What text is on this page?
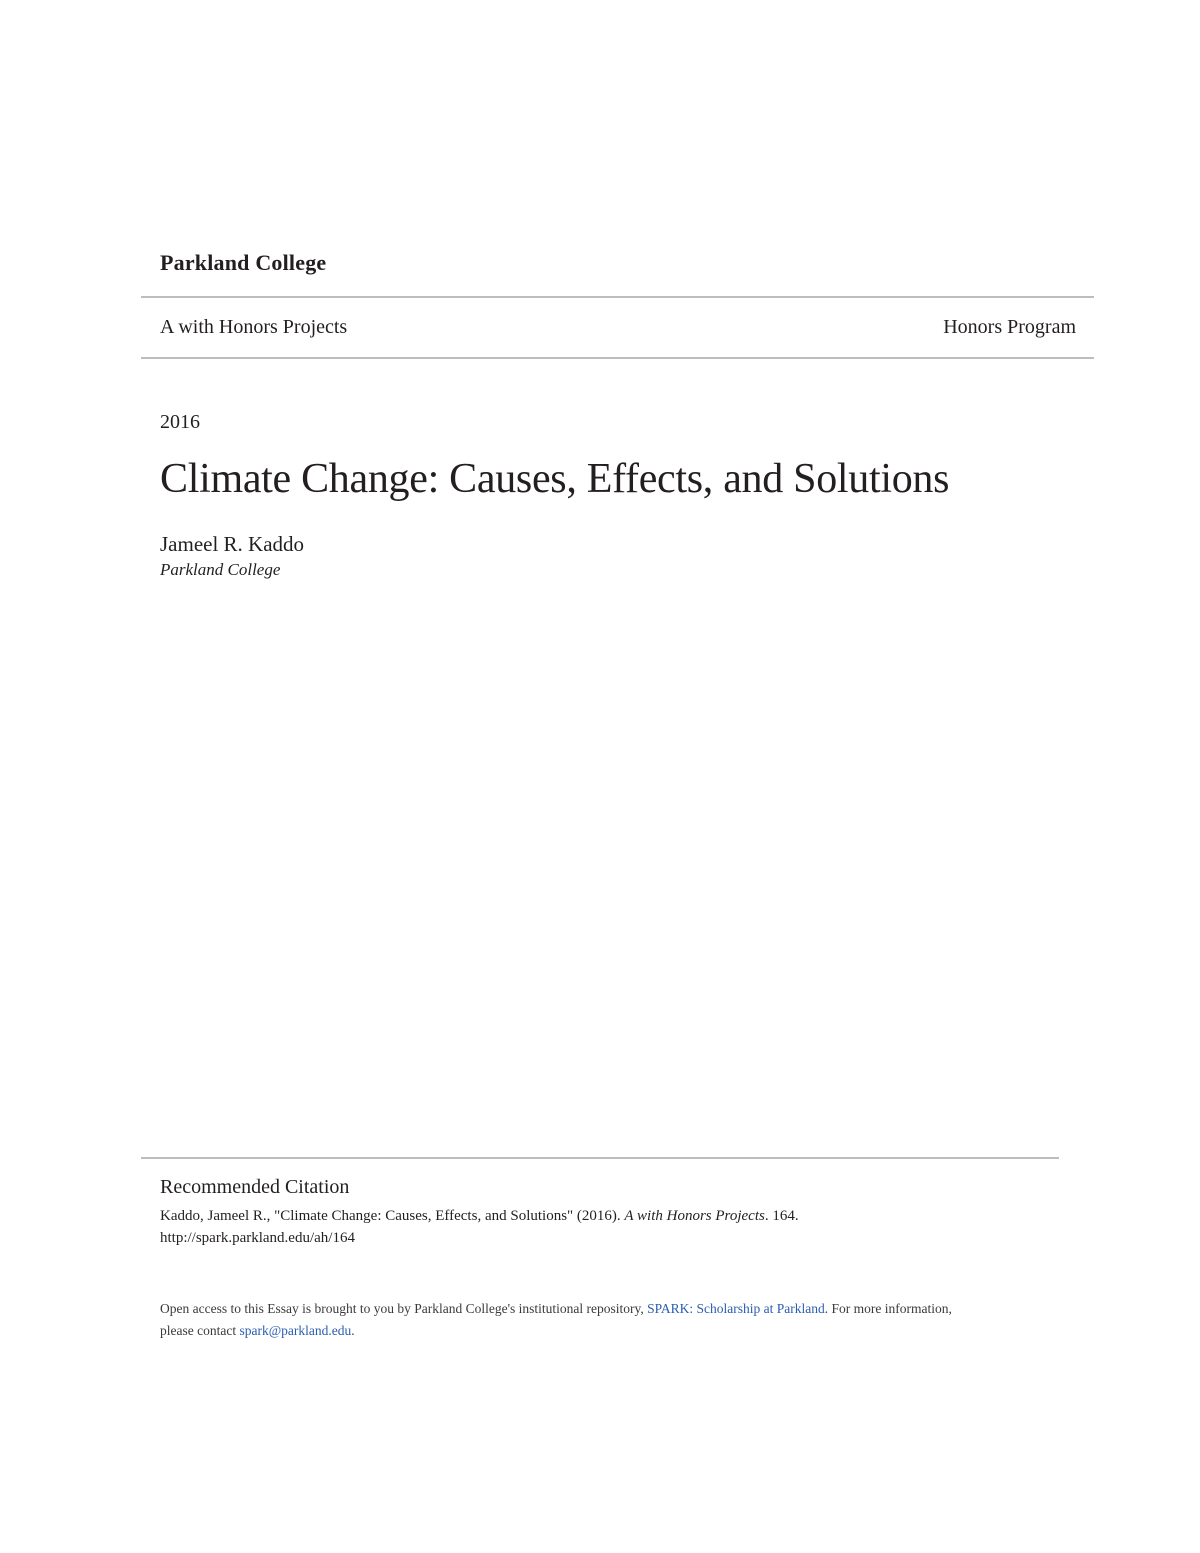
Parkland College
A with Honors Projects	Honors Program
2016
Climate Change: Causes, Effects, and Solutions
Jameel R. Kaddo
Parkland College
Recommended Citation
Kaddo, Jameel R., "Climate Change: Causes, Effects, and Solutions" (2016). A with Honors Projects. 164.
http://spark.parkland.edu/ah/164
Open access to this Essay is brought to you by Parkland College's institutional repository, SPARK: Scholarship at Parkland. For more information,
please contact spark@parkland.edu.
